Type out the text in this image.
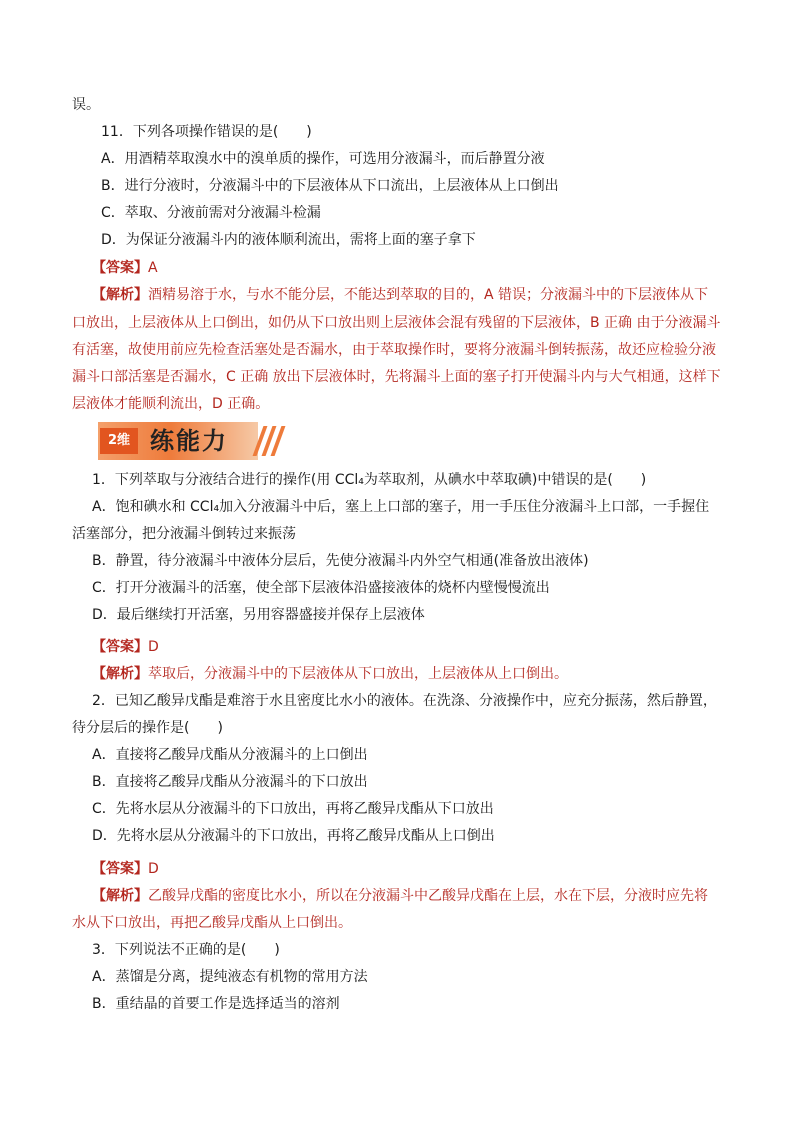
误。
11．下列各项操作错误的是(　　)
A．用酒精萃取溴水中的溴单质的操作，可选用分液漏斗，而后静置分液
B．进行分液时，分液漏斗中的下层液体从下口流出，上层液体从上口倒出
C．萃取、分液前需对分液漏斗检漏
D．为保证分液漏斗内的液体顺利流出，需将上面的塞子拿下
【答案】A
【解析】酒精易溶于水，与水不能分层，不能达到萃取的目的，A 错误；分液漏斗中的下层液体从下
口放出，上层液体从上口倒出，如仍从下口放出则上层液体会混有残留的下层液体，B 正确 由于分液漏斗
有活塞，故使用前应先检查活塞处是否漏水，由于萃取操作时，要将分液漏斗倒转振荡，故还应检验分液
漏斗口部活塞是否漏水，C 正确 放出下层液体时，先将漏斗上面的塞子打开使漏斗内与大气相通，这样下
层液体才能顺利流出，D 正确。
2维 练能力
1．下列萃取与分液结合进行的操作(用 CCl₄为萃取剂，从碘水中萃取碘)中错误的是(　　)
A．饱和碘水和 CCl₄加入分液漏斗中后，塞上上口部的塞子，用一手压住分液漏斗上口部，一手握住
活塞部分，把分液漏斗倒转过来振荡
B．静置，待分液漏斗中液体分层后，先使分液漏斗内外空气相通(准备放出液体)
C．打开分液漏斗的活塞，使全部下层液体沿盛接液体的烧杯内壁慢慢流出
D．最后继续打开活塞，另用容器盛接并保存上层液体
【答案】D
【解析】萃取后，分液漏斗中的下层液体从下口放出，上层液体从上口倒出。
2．已知乙酸异戊酯是难溶于水且密度比水小的液体。在洗涤、分液操作中，应充分振荡，然后静置，
待分层后的操作是(　　)
A．直接将乙酸异戊酯从分液漏斗的上口倒出
B．直接将乙酸异戊酯从分液漏斗的下口放出
C．先将水层从分液漏斗的下口放出，再将乙酸异戊酯从下口放出
D．先将水层从分液漏斗的下口放出，再将乙酸异戊酯从上口倒出
【答案】D
【解析】乙酸异戊酯的密度比水小，所以在分液漏斗中乙酸异戊酯在上层，水在下层，分液时应先将
水从下口放出，再把乙酸异戊酯从上口倒出。
3．下列说法不正确的是(　　)
A．蒸馏是分离，提纯液态有机物的常用方法
B．重结晶的首要工作是选择适当的溶剂
